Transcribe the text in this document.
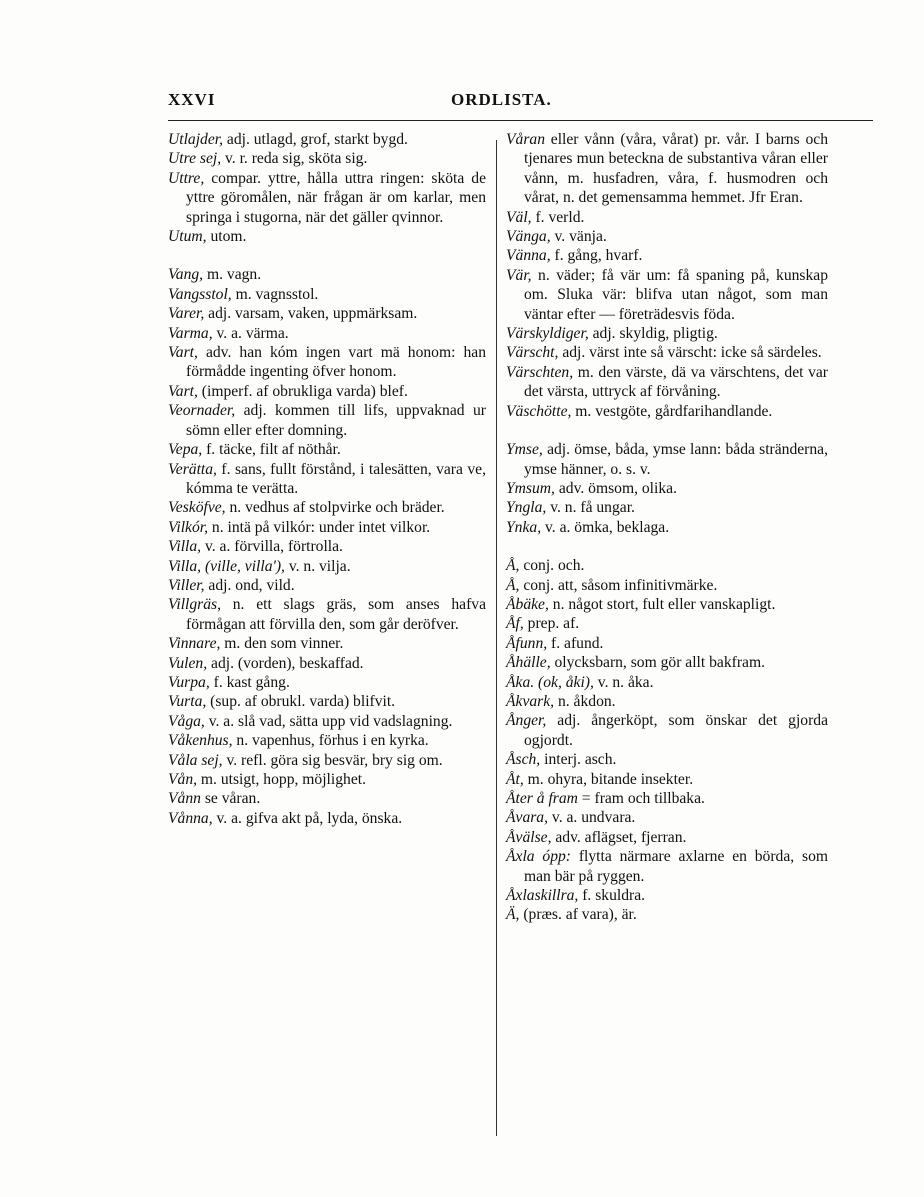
XXVI	ORDLISTA.

Utlajder, adj. utlagd, grof, starkt bygd.

Utre sej, v. r. reda sig, sköta sig.

Uttre, compar. yttre, hålla uttra ringen: sköta de yttre göromålen, när frågan är om karlar, men springa i stugorna, när det gäller qvinnor.

Utum, utom.

Vang, m. vagn.

Vangsstol, m. vagnsstol.

Varer, adj. varsam, vaken, uppmärksam.

Varma, v. a. värma.

Vart, adv. han kóm ingen vart mä honom: han förmådde ingenting öfver honom.

Vart, (imperf. af obrukliga varda) blef.

Veornader, adj. kommen till lifs, uppvaknad ur sömn eller efter domning.

Vepa, f. täcke, filt af nöthår.

Verätta, f. sans, fullt förstånd, i talesätten, vara ve, kómma te verätta.

Vesköfve, n. vedhus af stolpvirke och bräder.

Vilkór, n. intä på vilkór: under intet vilkor.

Villa, v. a. förvilla, förtrolla.

Villa, (ville, villa'), v. n. vilja.

Viller, adj. ond, vild.

Villgräs, n. ett slags gräs, som anses hafva förmågan att förvilla den, som går deröfver.

Vinnare, m. den som vinner.

Vulen, adj. (vorden), beskaffad.

Vurpa, f. kast gång.

Vurta, (sup. af obrukl. varda) blifvit.

Våga, v. a. slå vad, sätta upp vid vadslagning.

Våkenhus, n. vapenhus, förhus i en kyrka.

Våla sej, v. refl. göra sig besvär, bry sig om.

Vån, m. utsigt, hopp, möjlighet.

Vånn se våran.

Vånna, v. a. gifva akt på, lyda, önska.

Våran eller vånn (våra, vårat) pr. vår. I barns och tjenares mun beteckna de substantiva våran eller vånn, m. husfadren, våra, f. husmodren och vårat, n. det gemensamma hemmet. Jfr Eran.

Väl, f. verld.

Vänga, v. vänja.

Vänna, f. gång, hvarf.

Vär, n. väder; få vär um: få spaning på, kunskap om. Sluka vär: blifva utan något, som man väntar efter — företrädesvis föda.

Värskyldiger, adj. skyldig, pligtig.

Värscht, adj. värst inte så värscht: icke så särdeles.

Värschten, m. den värste, dä va värschtens, det var det värsta, uttryck af förvåning.

Väschötte, m. vestgöte, gårdfarihandlande.

Ymse, adj. ömse, båda, ymse lann: båda stränderna, ymse hänner, o. s. v.

Ymsum, adv. ömsom, olika.

Yngla, v. n. få ungar.

Ynka, v. a. ömka, beklaga.

Å, conj. och.

Å, conj. att, såsom infinitivmärke.

Åbäke, n. något stort, fult eller vanskapligt.

Åf, prep. af.

Åfunn, f. afund.

Åhälle, olycksbarn, som gör allt bakfram.

Åka. (ok, åki), v. n. åka.

Åkvark, n. åkdon.

Ånger, adj. ångerköpt, som önskar det gjorda ogjordt.

Åsch, interj. asch.

Åt, m. ohyra, bitande insekter.

Åter å fram = fram och tillbaka.

Åvara, v. a. undvara.

Åvälse, adv. aflägset, fjerran.

Åxla ópp: flytta närmare axlarne en börda, som man bär på ryggen.

Åxlaskillra, f. skuldra.

Ä, (præs. af vara), är.
